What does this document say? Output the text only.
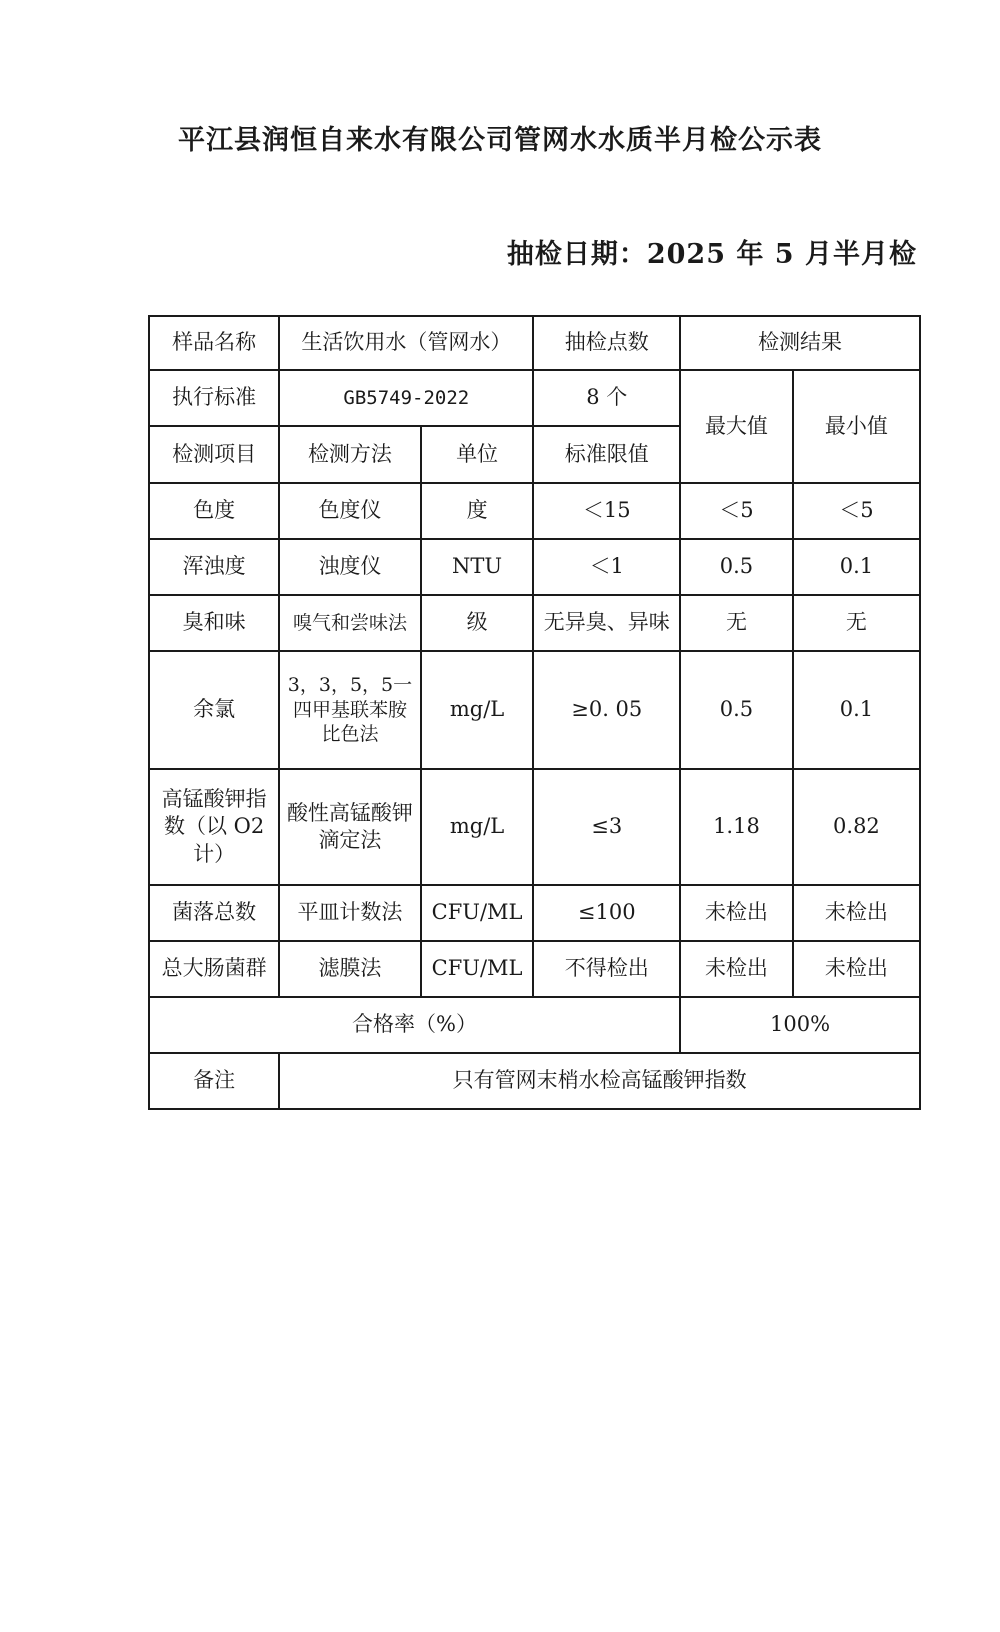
平江县润恒自来水有限公司管网水水质半月检公示表
抽检日期：2025 年 5 月半月检
样品名称	生活饮用水（管网水）		抽检点数	检测结果	
执行标准	GB5749-2022		8 个	最大值	最小值
检测项目	检测方法	单位	标准限值		
色度	色度仪	度	＜15	＜5	＜5
浑浊度	浊度仪	NTU	＜1	0.5	0.1
臭和味	嗅气和尝味法	级	无异臭、异味	无	无
余氯	3，3，5，5一四甲基联苯胺比色法	mg/L	≥0. 05	0.5	0.1
高锰酸钾指数（以 O2 计）	酸性高锰酸钾滴定法	mg/L	≤3	1.18	0.82
菌落总数	平皿计数法	CFU/ML	≤100	未检出	未检出
总大肠菌群	滤膜法	CFU/ML	不得检出	未检出	未检出
合格率（%）				100%	
备注	只有管网末梢水检高锰酸钾指数				
